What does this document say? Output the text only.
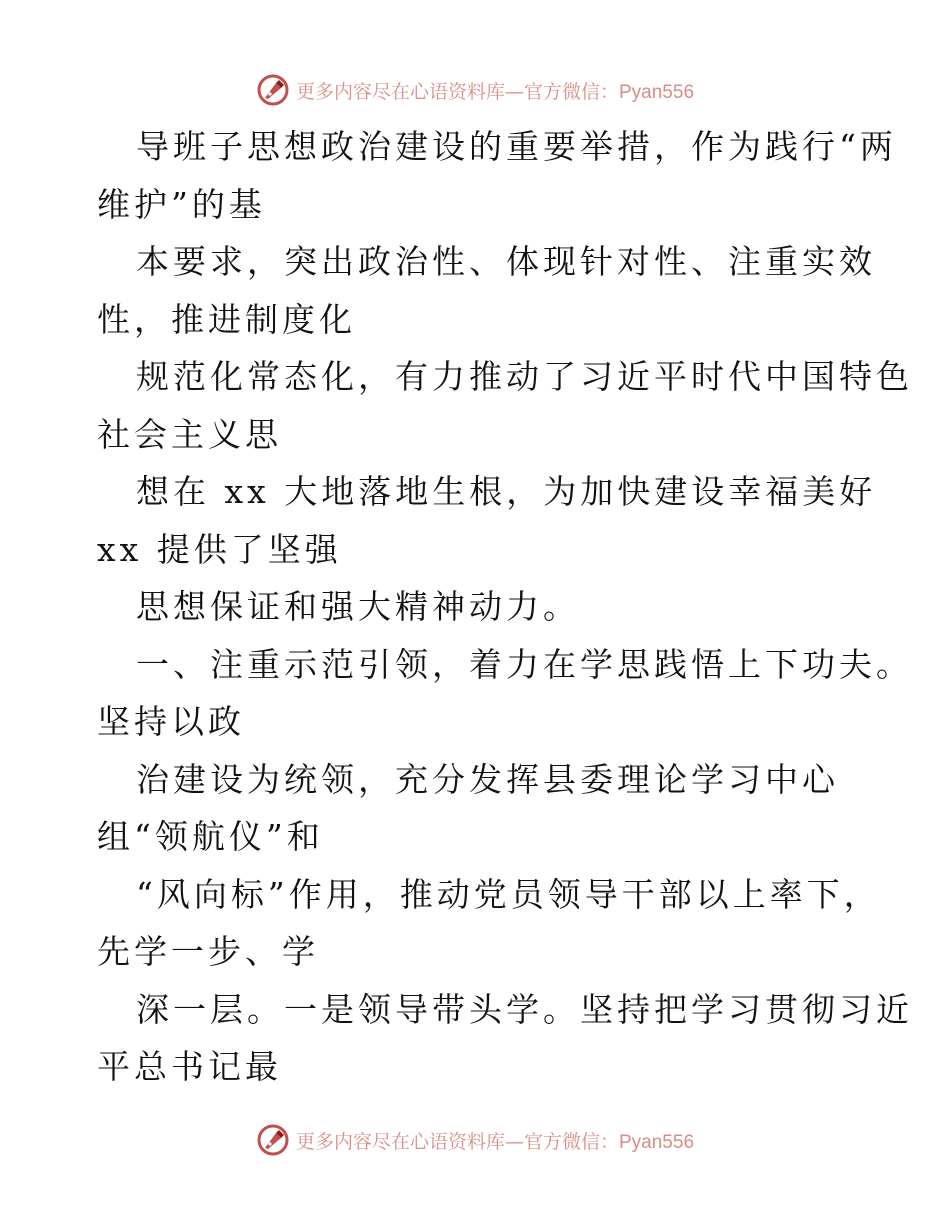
更多内容尽在心语资料库—官方微信：Pyan556
导班子思想政治建设的重要举措，作为践行“两
维护”的基
本要求，突出政治性、体现针对性、注重实效
性，推进制度化
规范化常态化，有力推动了习近平时代中国特色
社会主义思
想在 xx 大地落地生根，为加快建设幸福美好
xx 提供了坚强
思想保证和强大精神动力。
一、注重示范引领，着力在学思践悟上下功夫。
坚持以政
治建设为统领，充分发挥县委理论学习中心
组“领航仪”和
“风向标”作用，推动党员领导干部以上率下，
先学一步、学
深一层。一是领导带头学。坚持把学习贯彻习近
平总书记最
更多内容尽在心语资料库—官方微信：Pyan556
